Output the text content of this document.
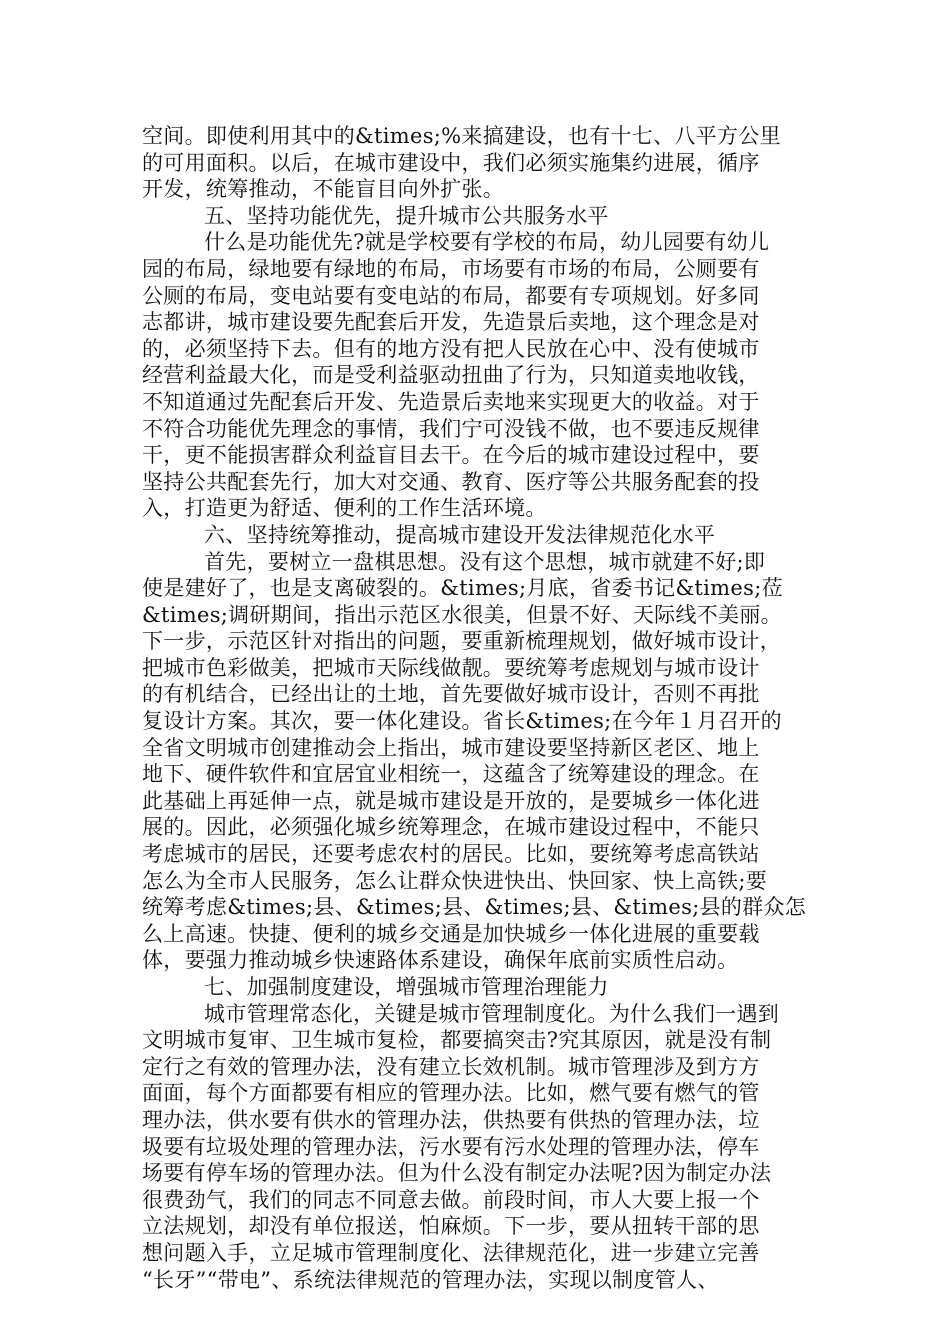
空间。即使利用其中的&times;%来搞建设，也有十七、八平方公里
的可用面积。以后，在城市建设中，我们必须实施集约进展，循序
开发，统筹推动，不能盲目向外扩张。
五、坚持功能优先，提升城市公共服务水平
什么是功能优先?就是学校要有学校的布局，幼儿园要有幼儿
园的布局，绿地要有绿地的布局，市场要有市场的布局，公厕要有
公厕的布局，变电站要有变电站的布局，都要有专项规划。好多同
志都讲，城市建设要先配套后开发，先造景后卖地，这个理念是对
的，必须坚持下去。但有的地方没有把人民放在心中、没有使城市
经营利益最大化，而是受利益驱动扭曲了行为，只知道卖地收钱，
不知道通过先配套后开发、先造景后卖地来实现更大的收益。对于
不符合功能优先理念的事情，我们宁可没钱不做，也不要违反规律
干，更不能损害群众利益盲目去干。在今后的城市建设过程中，要
坚持公共配套先行，加大对交通、教育、医疗等公共服务配套的投
入，打造更为舒适、便利的工作生活环境。
六、坚持统筹推动，提高城市建设开发法律规范化水平
首先，要树立一盘棋思想。没有这个思想，城市就建不好;即
使是建好了，也是支离破裂的。&times;月底，省委书记&times;莅
&times;调研期间，指出示范区水很美，但景不好、天际线不美丽。
下一步，示范区针对指出的问题，要重新梳理规划，做好城市设计，
把城市色彩做美，把城市天际线做靓。要统筹考虑规划与城市设计
的有机结合，已经出让的土地，首先要做好城市设计，否则不再批
复设计方案。其次，要一体化建设。省长&times;在今年１月召开的
全省文明城市创建推动会上指出，城市建设要坚持新区老区、地上
地下、硬件软件和宜居宜业相统一，这蕴含了统筹建设的理念。在
此基础上再延伸一点，就是城市建设是开放的，是要城乡一体化进
展的。因此，必须强化城乡统筹理念，在城市建设过程中，不能只
考虑城市的居民，还要考虑农村的居民。比如，要统筹考虑高铁站
怎么为全市人民服务，怎么让群众快进快出、快回家、快上高铁;要
统筹考虑&times;县、&times;县、&times;县、&times;县的群众怎
么上高速。快捷、便利的城乡交通是加快城乡一体化进展的重要载
体，要强力推动城乡快速路体系建设，确保年底前实质性启动。
七、加强制度建设，增强城市管理治理能力
城市管理常态化，关键是城市管理制度化。为什么我们一遇到
文明城市复审、卫生城市复检，都要搞突击?究其原因，就是没有制
定行之有效的管理办法，没有建立长效机制。城市管理涉及到方方
面面，每个方面都要有相应的管理办法。比如，燃气要有燃气的管
理办法，供水要有供水的管理办法，供热要有供热的管理办法，垃
圾要有垃圾处理的管理办法，污水要有污水处理的管理办法，停车
场要有停车场的管理办法。但为什么没有制定办法呢?因为制定办法
很费劲气，我们的同志不同意去做。前段时间，市人大要上报一个
立法规划，却没有单位报送，怕麻烦。下一步，要从扭转干部的思
想问题入手，立足城市管理制度化、法律规范化，进一步建立完善
“长牙”“带电”、系统法律规范的管理办法，实现以制度管人、
